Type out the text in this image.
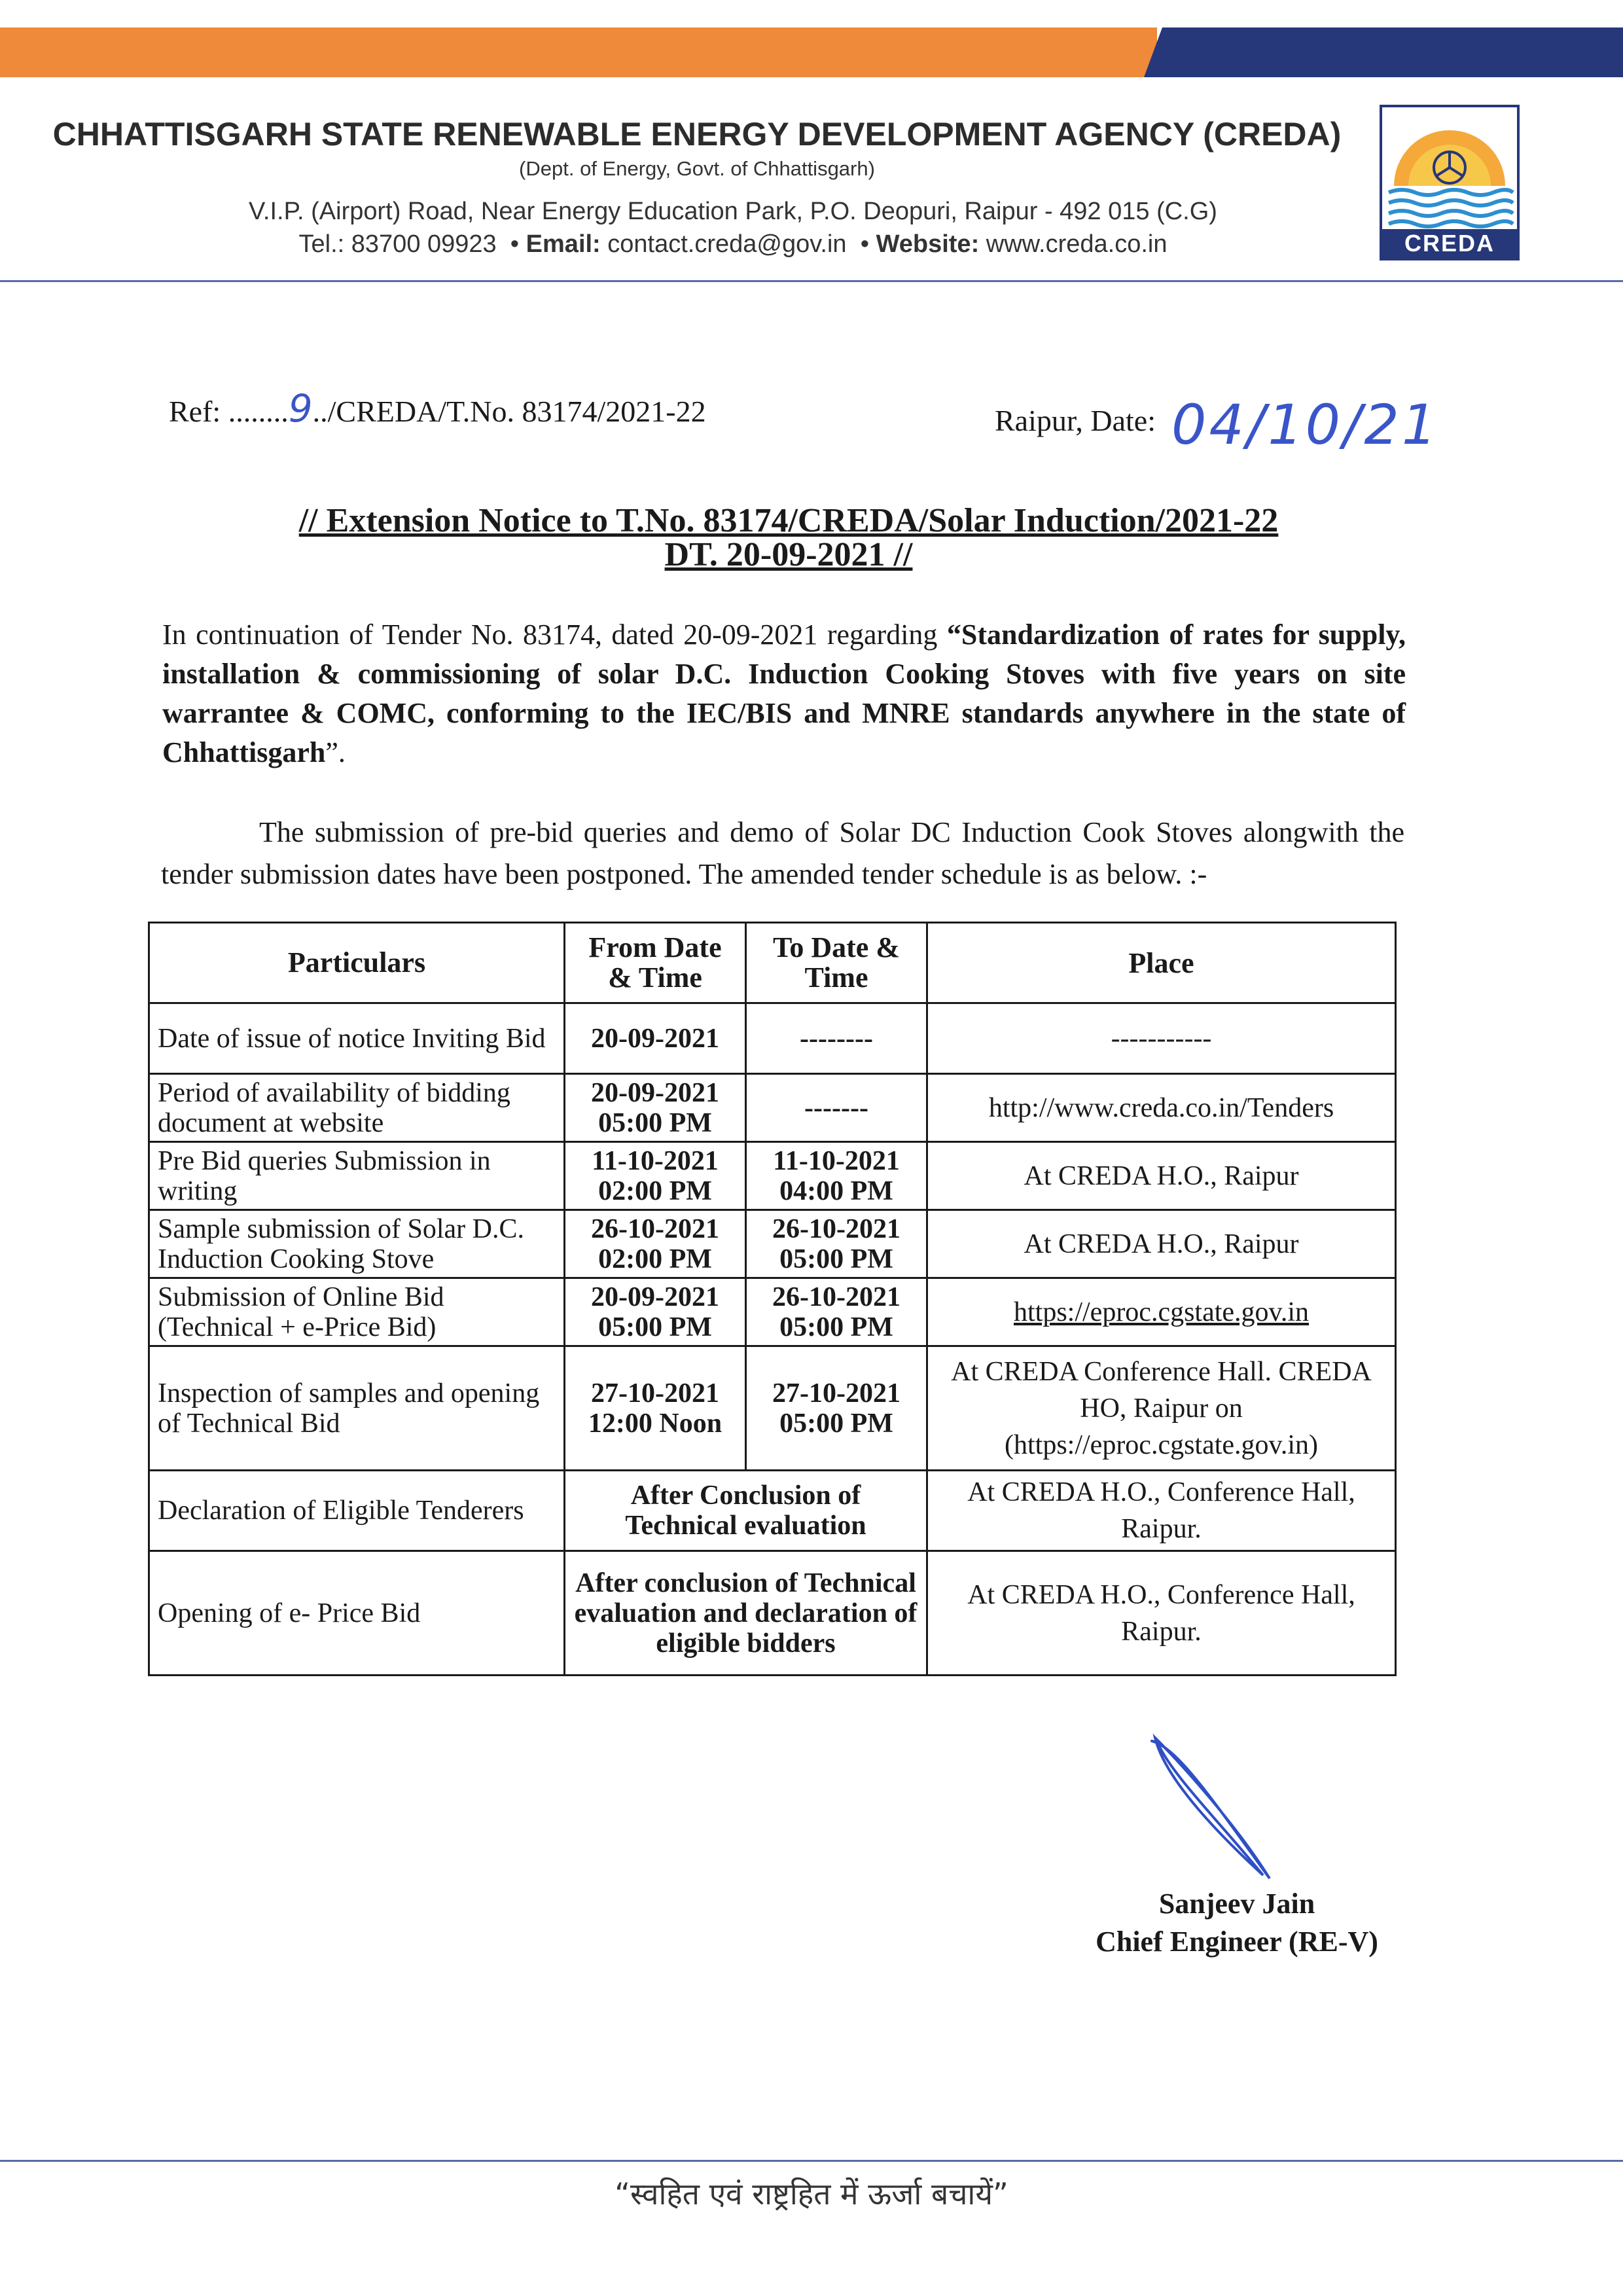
CHHATTISGARH STATE RENEWABLE ENERGY DEVELOPMENT AGENCY (CREDA)
(Dept. of Energy, Govt. of Chhattisgarh)
V.I.P. (Airport) Road, Near Energy Education Park, P.O. Deopuri, Raipur - 492 015 (C.G)
Tel.: 83700 09923  • Email: contact.creda@gov.in  • Website: www.creda.co.in	CREDA
Ref: ........9../CREDA/T.No. 83174/2021-22	Raipur, Date: 04/10/21
// Extension Notice to T.No. 83174/CREDA/Solar Induction/2021-22
DT. 20-09-2021 //
In continuation of Tender No. 83174, dated 20-09-2021 regarding “Standardization of rates for supply, installation & commissioning of solar D.C. Induction Cooking Stoves with five years on site warrantee & COMC, conforming to the IEC/BIS and MNRE standards anywhere in the state of Chhattisgarh”.
The submission of pre-bid queries and demo of Solar DC Induction Cook Stoves alongwith the tender submission dates have been postponed. The amended tender schedule is as below. :-
Particulars	From Date & Time	To Date & Time	Place
Date of issue of notice Inviting Bid	20-09-2021	--------	-----------
Period of availability of bidding document at website	20-09-2021 05:00 PM	-------	http://www.creda.co.in/Tenders
Pre Bid queries Submission in writing	11-10-2021 02:00 PM	11-10-2021 04:00 PM	At CREDA H.O., Raipur
Sample submission of Solar D.C. Induction Cooking Stove	26-10-2021 02:00 PM	26-10-2021 05:00 PM	At CREDA H.O., Raipur
Submission of Online Bid (Technical + e-Price Bid)	20-09-2021 05:00 PM	26-10-2021 05:00 PM	https://eproc.cgstate.gov.in
Inspection of samples and opening of Technical Bid	27-10-2021 12:00 Noon	27-10-2021 05:00 PM	At CREDA Conference Hall. CREDA HO, Raipur on (https://eproc.cgstate.gov.in)
Declaration of Eligible Tenderers	After Conclusion of Technical evaluation		At CREDA H.O., Conference Hall, Raipur.
Opening of e- Price Bid	After conclusion of Technical evaluation and declaration of eligible bidders		At CREDA H.O., Conference Hall, Raipur.
Sanjeev Jain
Chief Engineer (RE-V)
“स्वहित एवं राष्ट्रहित में ऊर्जा बचायें”
